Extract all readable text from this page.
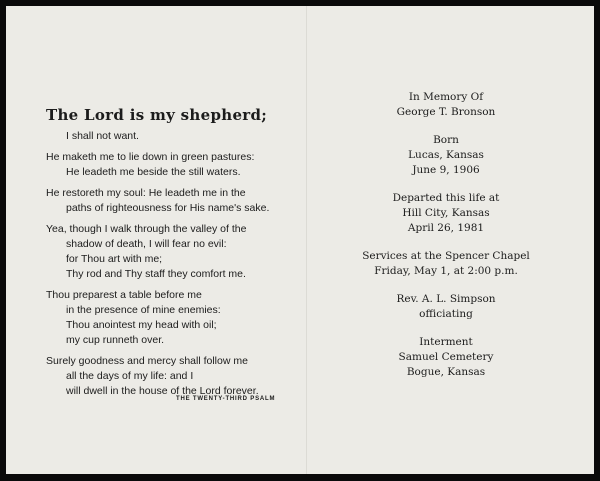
The Lord is my shepherd;
I shall not want.
He maketh me to lie down in green pastures:
He leadeth me beside the still waters.
He restoreth my soul: He leadeth me in the
paths of righteousness for His name's sake.
Yea, though I walk through the valley of the
shadow of death, I will fear no evil:
for Thou art with me;
Thy rod and Thy staff they comfort me.
Thou preparest a table before me
in the presence of mine enemies:
Thou anointest my head with oil;
my cup runneth over.
Surely goodness and mercy shall follow me
all the days of my life: and I
will dwell in the house of the Lord forever.
THE TWENTY-THIRD PSALM
In Memory Of
George T. Bronson
Born
Lucas, Kansas
June 9, 1906
Departed this life at
Hill City, Kansas
April 26, 1981
Services at the Spencer Chapel
Friday, May 1, at 2:00 p.m.
Rev. A. L. Simpson
officiating
Interment
Samuel Cemetery
Bogue, Kansas
